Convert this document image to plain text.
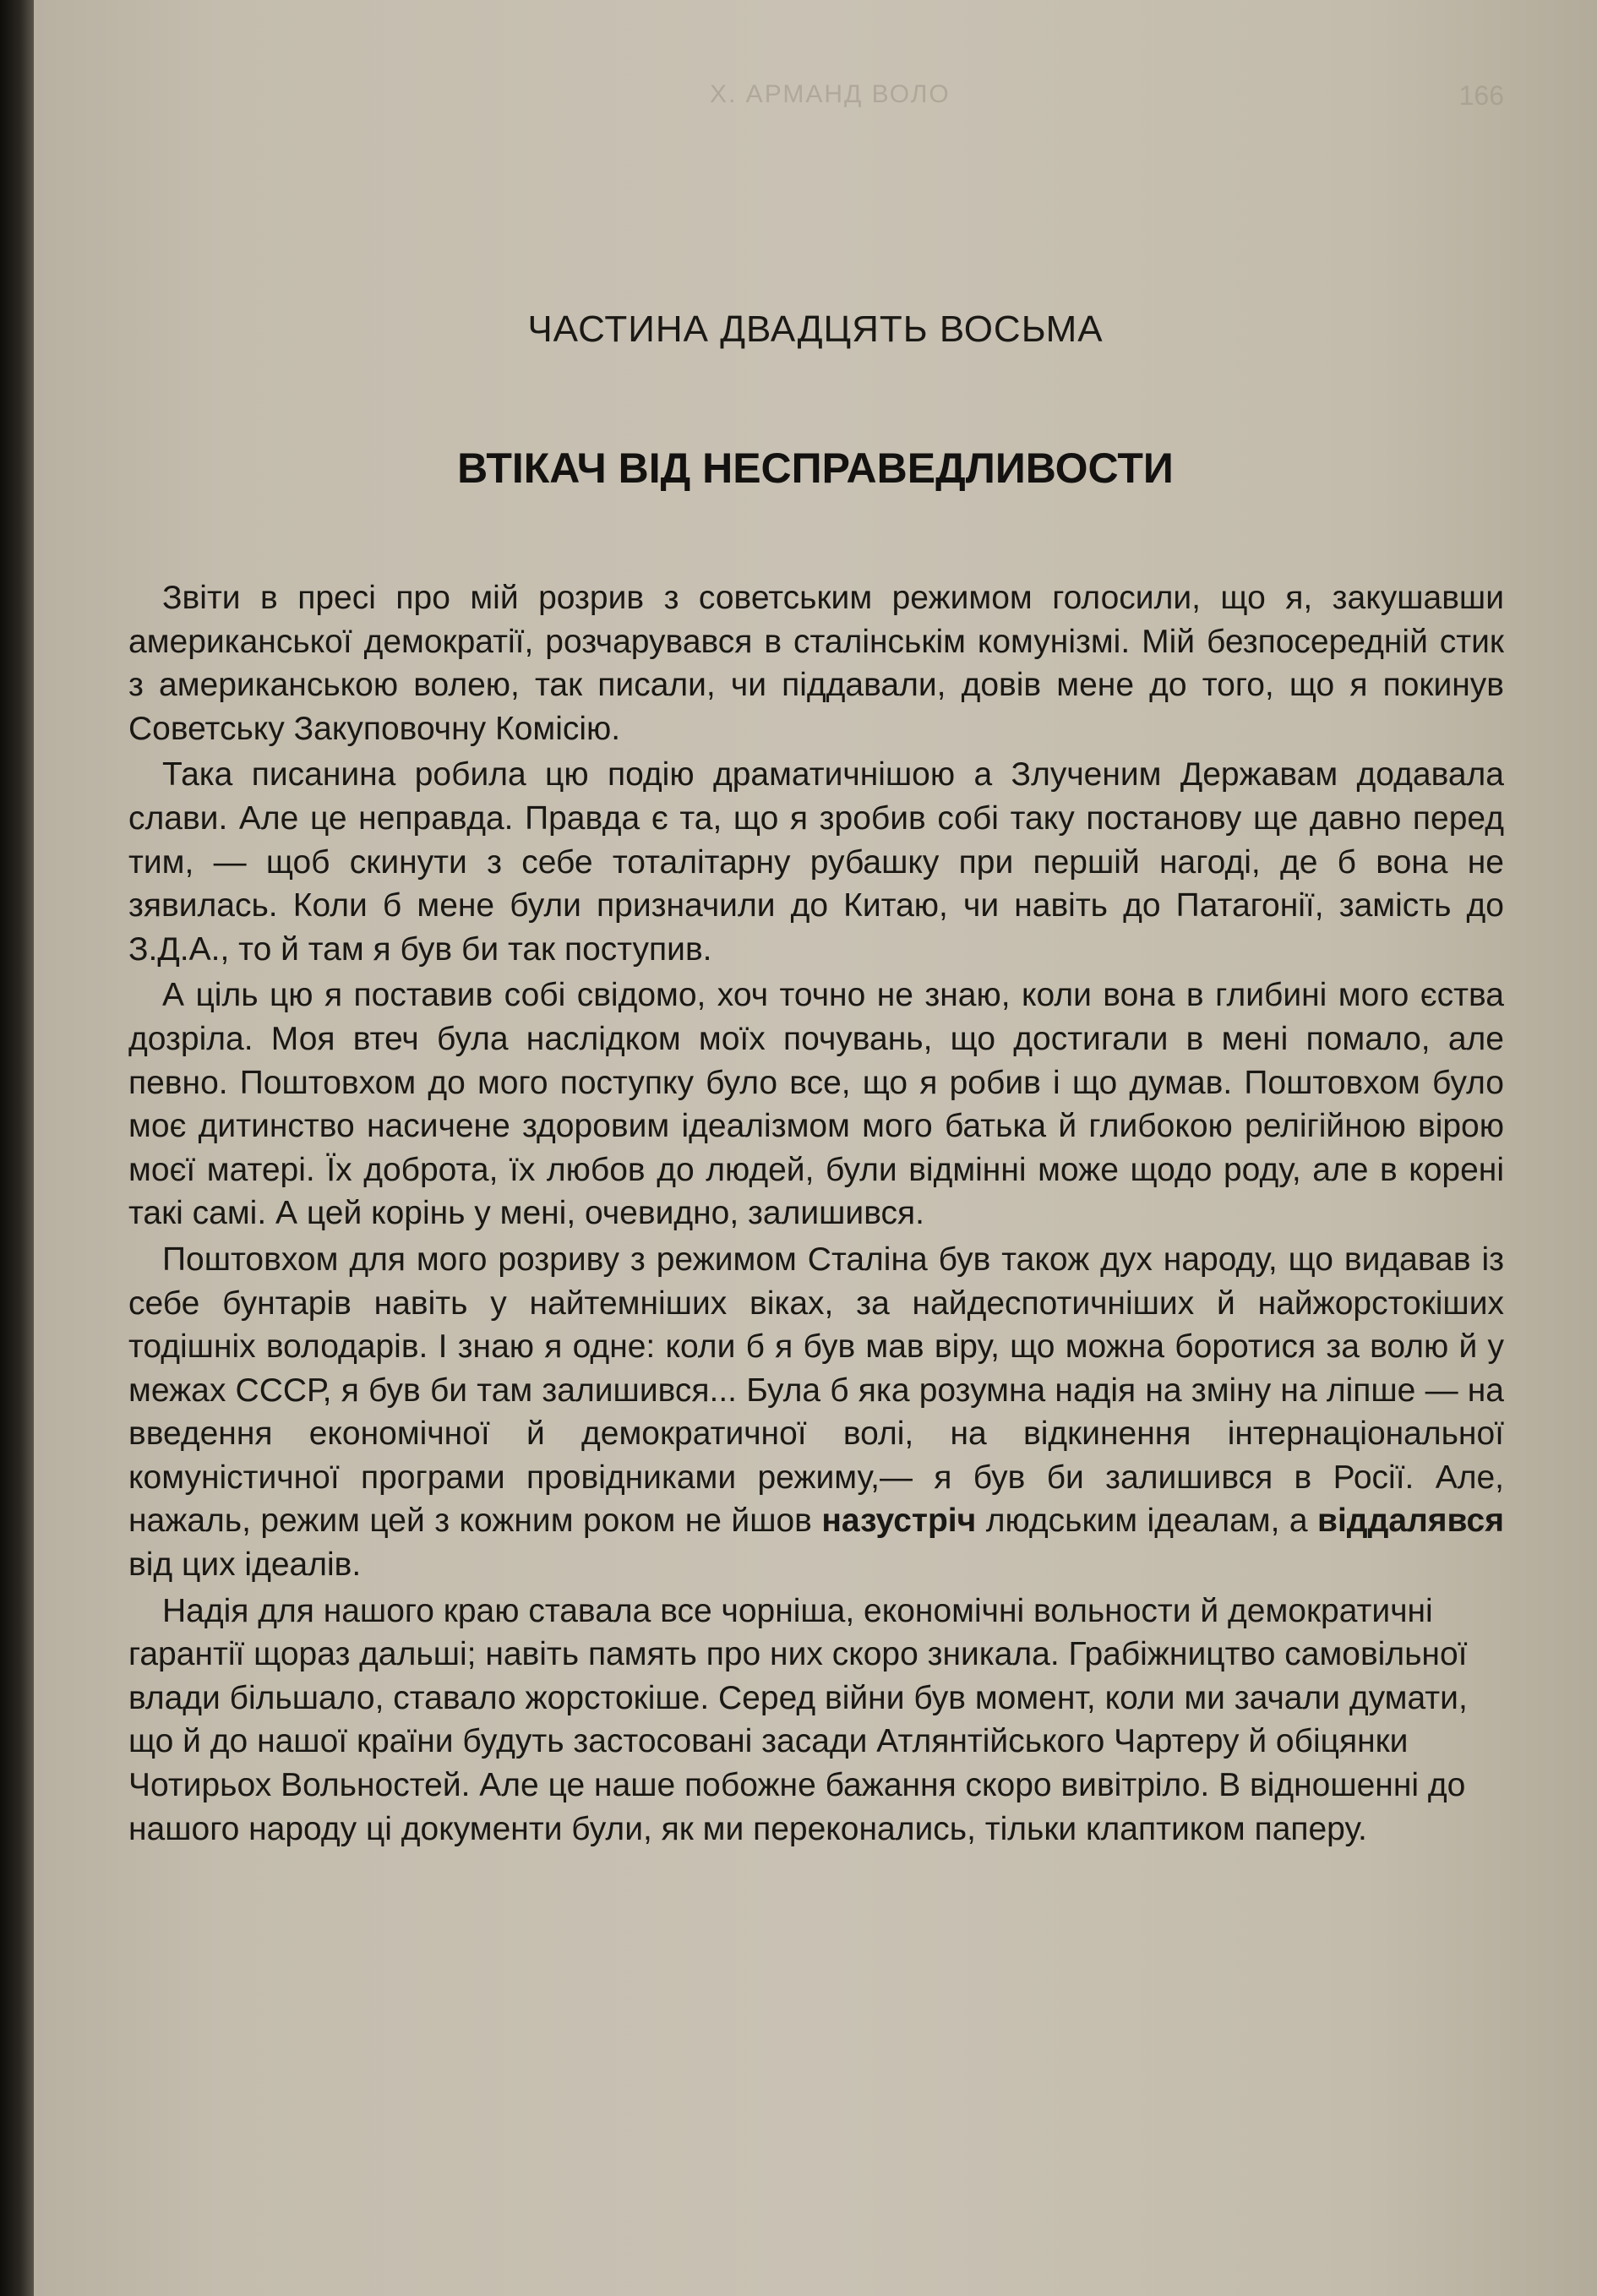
Х. АРМАНД ВОЛО	166
ЧАСТИНА ДВАДЦЯТЬ ВОСЬМА
ВТІКАЧ ВІД НЕСПРАВЕДЛИВОСТИ

Звіти в пресі про мій розрив з советським режимом голосили, що я, закушавши американської демократії, розчарувався в сталінськім комунізмі. Мій безпосередній стик з американською волею, так писали, чи піддавали, довів мене до того, що я покинув Советську Закуповочну Комісію.

Така писанина робила цю подію драматичнішою а Злученим Державам додавала слави. Але це неправда. Правда є та, що я зробив собі таку постанову ще давно перед тим, — щоб скинути з себе тоталітарну рубашку при першій нагоді, де б вона не зявилась. Коли б мене були призначили до Китаю, чи навіть до Патагонії, замість до З.Д.А., то й там я був би так поступив.

А ціль цю я поставив собі свідомо, хоч точно не знаю, коли вона в глибині мого єства дозріла. Моя втеч була наслідком моїх почувань, що достигали в мені помало, але певно. Поштовхом до мого поступку було все, що я робив і що думав. Поштовхом було моє дитинство насичене здоровим ідеалізмом мого батька й глибокою релігійною вірою моєї матері. Їх доброта, їх любов до людей, були відмінні може щодо роду, але в корені такі самі. А цей корінь у мені, очевидно, залишився.

Поштовхом для мого розриву з режимом Сталіна був також дух народу, що видавав із себе бунтарів навіть у найтемніших віках, за найдеспотичніших й найжорстокіших тодішніх володарів. І знаю я одне: коли б я був мав віру, що можна боротися за волю й у межах СССР, я був би там залишився... Була б яка розумна надія на зміну на ліпше — на введення економічної й демократичної волі, на відкинення інтернаціональної комуністичної програми провідниками режиму,— я був би залишився в Росії. Але, нажаль, режим цей з кожним роком не йшов назустріч людським ідеалам, а віддалявся від цих ідеалів.

Надія для нашого краю ставала все чорніша, економічні вольности й демократичні гарантії щораз дальші; навіть память про них скоро зникала. Грабіжництво самовільної влади більшало, ставало жорстокіше. Серед війни був момент, коли ми зачали думати, що й до нашої країни будуть застосовані засади Атлянтійського Чартеру й обіцянки Чотирьох Вольностей. Але це наше побожне бажання скоро вивітріло. В відношенні до нашого народу ці документи були, як ми переконались, тільки клаптиком паперу.
